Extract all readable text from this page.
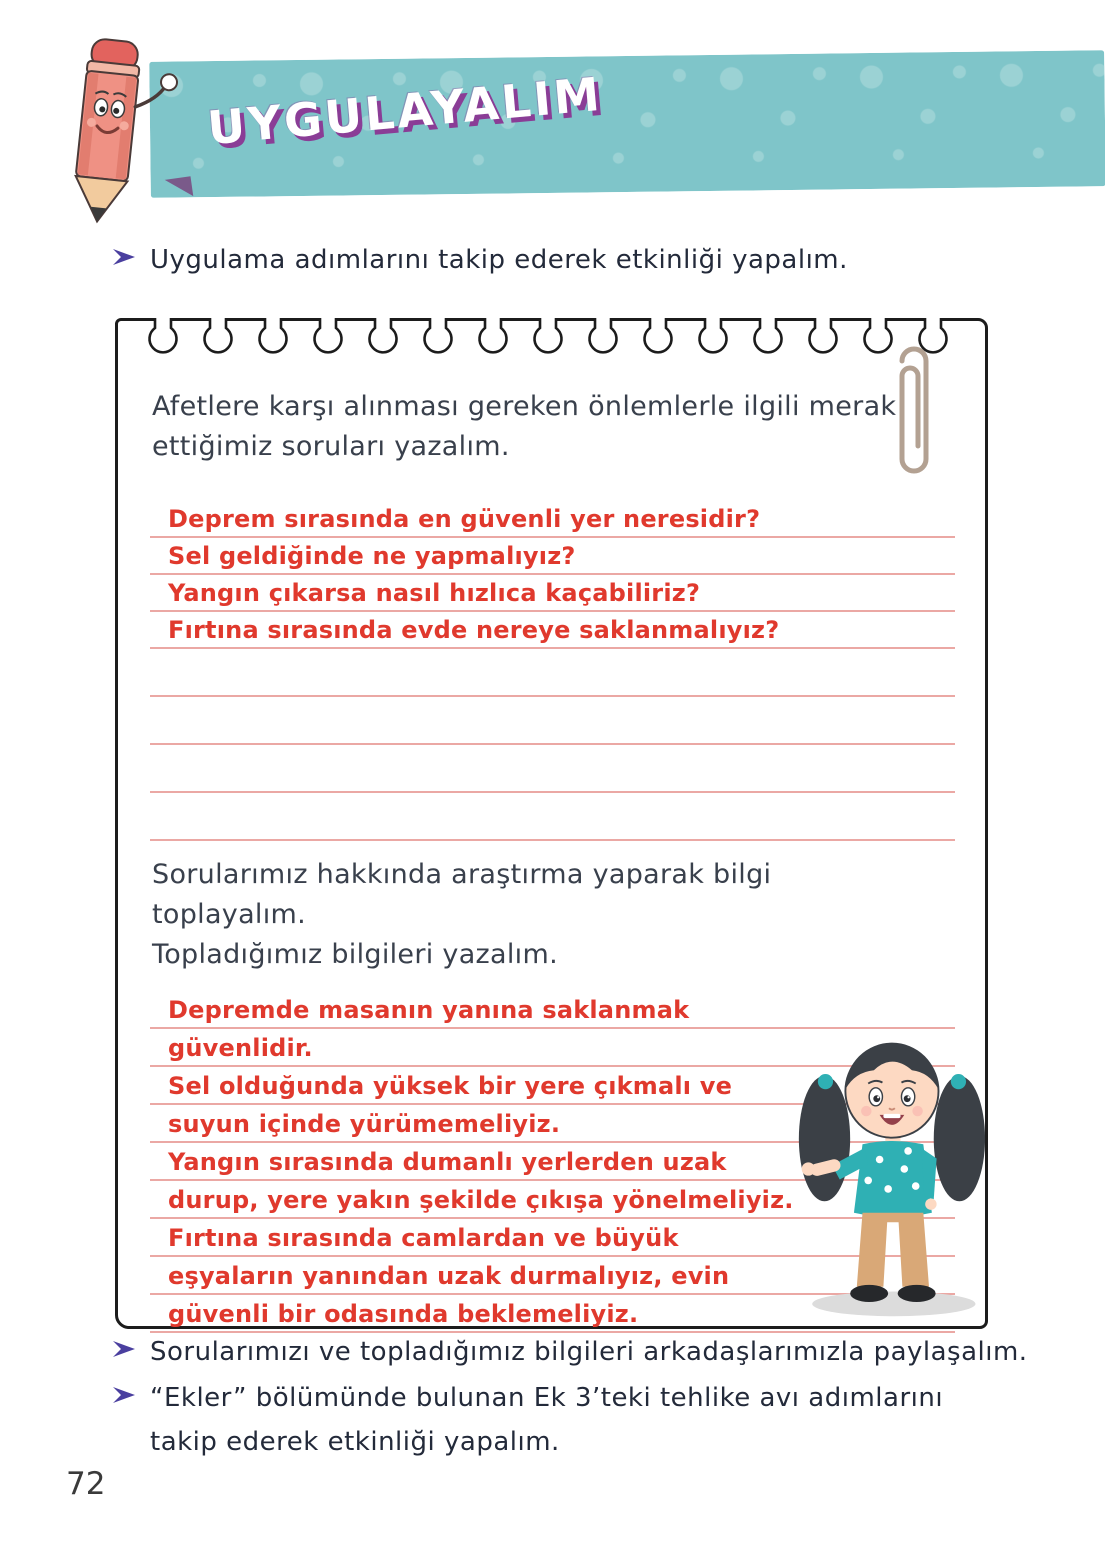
UYGULAYALIM
Uygulama adımlarını takip ederek etkinliği yapalım.
Afetlere karşı alınması gereken önlemlerle ilgili merak ettiğimiz soruları yazalım.
Deprem sırasında en güvenli yer neresidir?
Sel geldiğinde ne yapmalıyız?
Yangın çıkarsa nasıl hızlıca kaçabiliriz?
Fırtına sırasında evde nereye saklanmalıyız?
Sorularımız hakkında araştırma yaparak bilgi toplayalım.
Topladığımız bilgileri yazalım.

Depremde masanın yanına saklanmak güvenlidir.

Sel olduğunda yüksek bir yere çıkmalı ve suyun içinde yürümemeliyiz.

Yangın sırasında dumanlı yerlerden uzak durup, yere yakın şekilde çıkışa yönelmeliyiz.

Fırtına sırasında camlardan ve büyük eşyaların yanından uzak durmalıyız, evin güvenli bir odasında beklemeliyiz.

Sorularımızı ve topladığımız bilgileri arkadaşlarımızla paylaşalım.
“Ekler” bölümünde bulunan Ek 3’teki tehlike avı adımlarını takip ederek etkinliği yapalım.
72
